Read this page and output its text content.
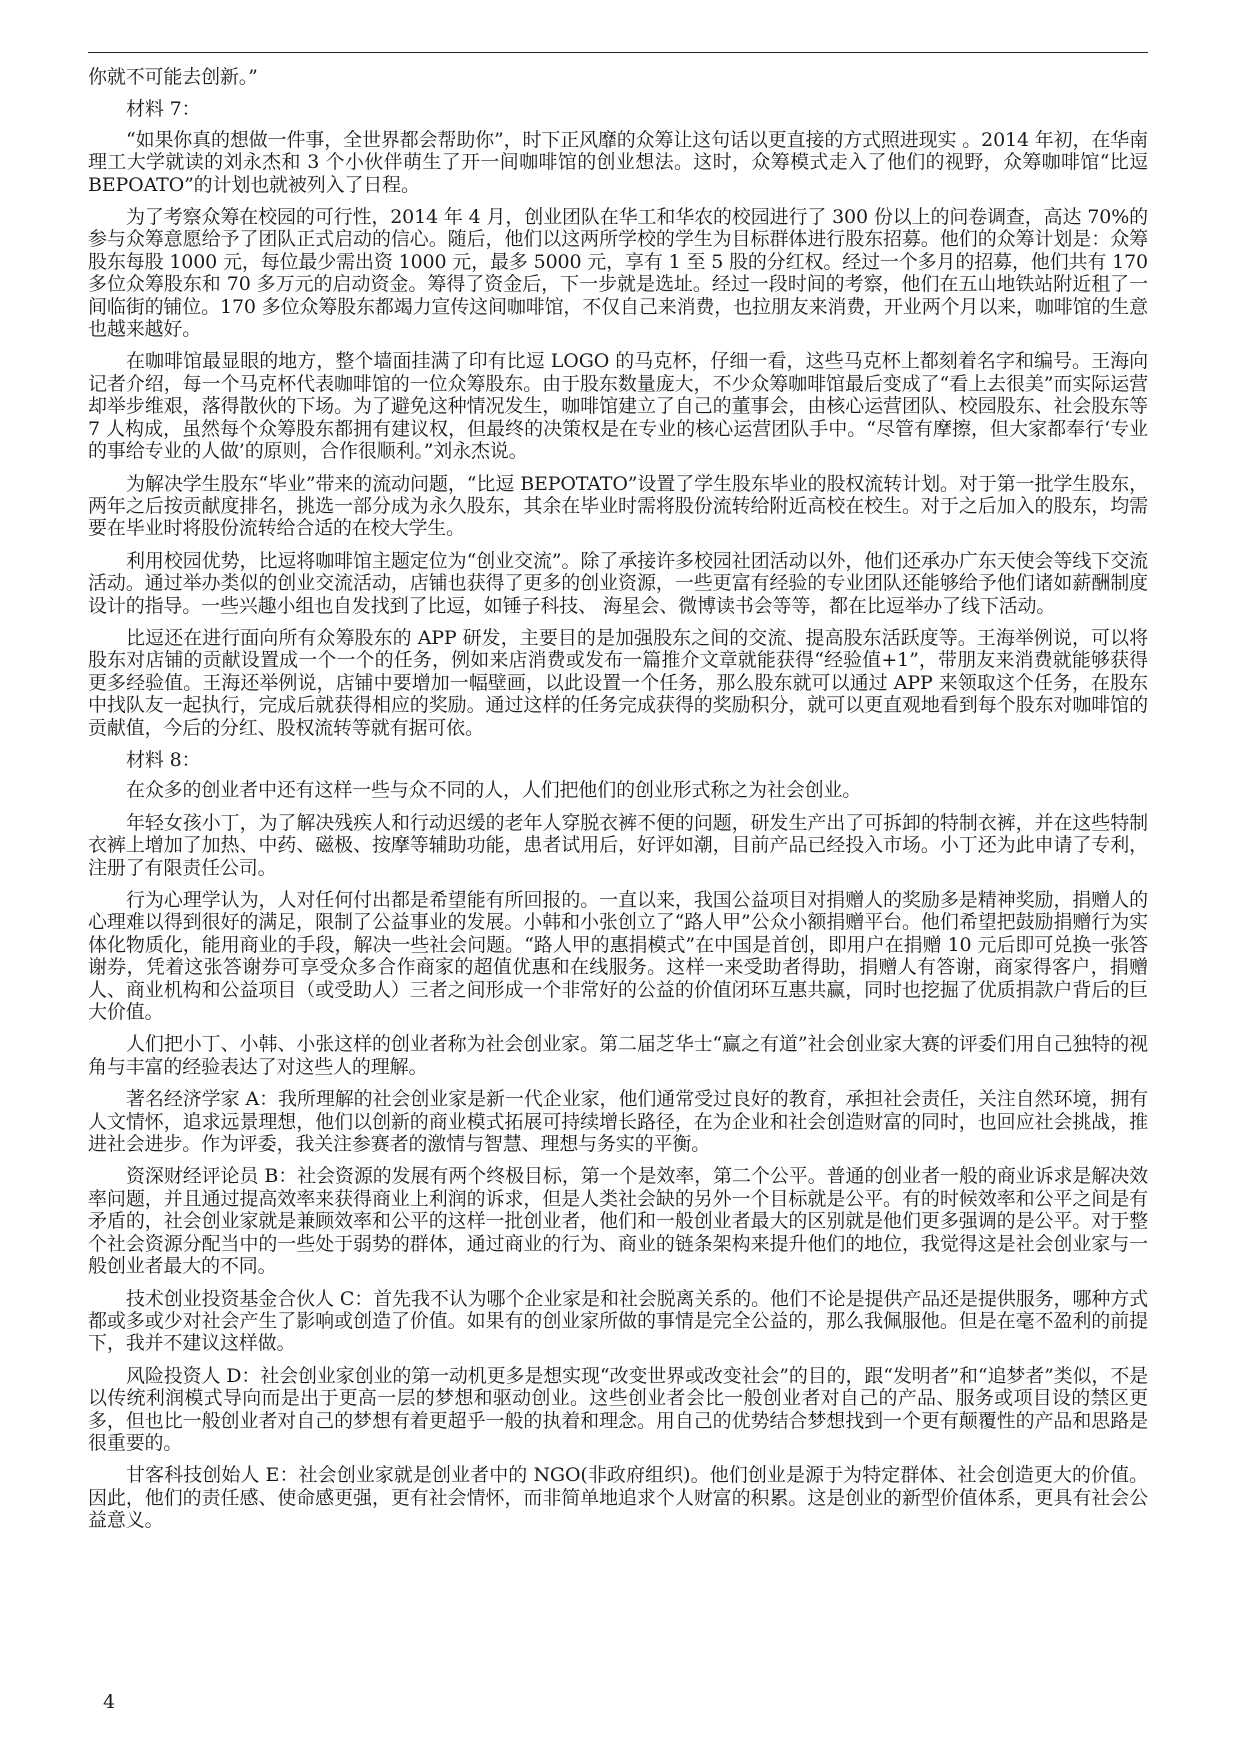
你就不可能去创新。”

材料 7：

“如果你真的想做一件事，全世界都会帮助你”，时下正风靡的众筹让这句话以更直接的方式照进现实 。2014 年初，在华南理工大学就读的刘永杰和 3 个小伙伴萌生了开一间咖啡馆的创业想法。这时，众筹模式走入了他们的视野，众筹咖啡馆“比逗 BEPOATO”的计划也就被列入了日程。

为了考察众筹在校园的可行性，2014 年 4 月，创业团队在华工和华农的校园进行了 300 份以上的问卷调查，高达 70%的参与众筹意愿给予了团队正式启动的信心。随后，他们以这两所学校的学生为目标群体进行股东招募。他们的众筹计划是：众筹股东每股 1000 元，每位最少需出资 1000 元，最多 5000 元，享有 1 至 5 股的分红权。经过一个多月的招募，他们共有 170 多位众筹股东和 70 多万元的启动资金。筹得了资金后，下一步就是选址。经过一段时间的考察，他们在五山地铁站附近租了一间临街的铺位。170 多位众筹股东都竭力宣传这间咖啡馆，不仅自己来消费，也拉朋友来消费，开业两个月以来，咖啡馆的生意也越来越好。

在咖啡馆最显眼的地方，整个墙面挂满了印有比逗 LOGO 的马克杯，仔细一看，这些马克杯上都刻着名字和编号。王海向记者介绍，每一个马克杯代表咖啡馆的一位众筹股东。由于股东数量庞大，不少众筹咖啡馆最后变成了“看上去很美”而实际运营却举步维艰，落得散伙的下场。为了避免这种情况发生，咖啡馆建立了自己的董事会，由核心运营团队、校园股东、社会股东等 7 人构成，虽然每个众筹股东都拥有建议权，但最终的决策权是在专业的核心运营团队手中。“尽管有摩擦，但大家都奉行‘专业的事给专业的人做’的原则，合作很顺利。”刘永杰说。

为解决学生股东“毕业”带来的流动问题，“比逗 BEPOTATO”设置了学生股东毕业的股权流转计划。对于第一批学生股东，两年之后按贡献度排名，挑选一部分成为永久股东，其余在毕业时需将股份流转给附近高校在校生。对于之后加入的股东，均需要在毕业时将股份流转给合适的在校大学生。

利用校园优势，比逗将咖啡馆主题定位为“创业交流”。除了承接许多校园社团活动以外，他们还承办广东天使会等线下交流活动。通过举办类似的创业交流活动，店铺也获得了更多的创业资源，一些更富有经验的专业团队还能够给予他们诸如薪酬制度设计的指导。一些兴趣小组也自发找到了比逗，如锤子科技、 海星会、微博读书会等等，都在比逗举办了线下活动。

比逗还在进行面向所有众筹股东的 APP 研发，主要目的是加强股东之间的交流、提高股东活跃度等。王海举例说，可以将股东对店铺的贡献设置成一个一个的任务，例如来店消费或发布一篇推介文章就能获得“经验值+1”，带朋友来消费就能够获得更多经验值。王海还举例说，店铺中要增加一幅壁画，以此设置一个任务，那么股东就可以通过 APP 来领取这个任务，在股东中找队友一起执行，完成后就获得相应的奖励。通过这样的任务完成获得的奖励积分，就可以更直观地看到每个股东对咖啡馆的贡献值，今后的分红、股权流转等就有据可依。

材料 8：

在众多的创业者中还有这样一些与众不同的人，人们把他们的创业形式称之为社会创业。

年轻女孩小丁，为了解决残疾人和行动迟缓的老年人穿脱衣裤不便的问题，研发生产出了可拆卸的特制衣裤，并在这些特制衣裤上增加了加热、中药、磁极、按摩等辅助功能，患者试用后，好评如潮，目前产品已经投入市场。小丁还为此申请了专利，注册了有限责任公司。

行为心理学认为，人对任何付出都是希望能有所回报的。一直以来，我国公益项目对捐赠人的奖励多是精神奖励，捐赠人的心理难以得到很好的满足，限制了公益事业的发展。小韩和小张创立了“路人甲”公众小额捐赠平台。他们希望把鼓励捐赠行为实体化物质化，能用商业的手段，解决一些社会问题。“路人甲的惠捐模式”在中国是首创，即用户在捐赠 10 元后即可兑换一张答谢券，凭着这张答谢券可享受众多合作商家的超值优惠和在线服务。这样一来受助者得助，捐赠人有答谢，商家得客户，捐赠人、商业机构和公益项目（或受助人）三者之间形成一个非常好的公益的价值闭环互惠共赢，同时也挖掘了优质捐款户背后的巨大价值。

人们把小丁、小韩、小张这样的创业者称为社会创业家。第二届芝华士“赢之有道”社会创业家大赛的评委们用自己独特的视角与丰富的经验表达了对这些人的理解。

著名经济学家 A：我所理解的社会创业家是新一代企业家，他们通常受过良好的教育，承担社会责任，关注自然环境，拥有人文情怀，追求远景理想，他们以创新的商业模式拓展可持续增长路径，在为企业和社会创造财富的同时，也回应社会挑战，推进社会进步。作为评委，我关注参赛者的激情与智慧、理想与务实的平衡。

资深财经评论员 B：社会资源的发展有两个终极目标，第一个是效率，第二个公平。普通的创业者一般的商业诉求是解决效率问题，并且通过提高效率来获得商业上利润的诉求，但是人类社会缺的另外一个目标就是公平。有的时候效率和公平之间是有矛盾的，社会创业家就是兼顾效率和公平的这样一批创业者，他们和一般创业者最大的区别就是他们更多强调的是公平。对于整个社会资源分配当中的一些处于弱势的群体，通过商业的行为、商业的链条架构来提升他们的地位，我觉得这是社会创业家与一般创业者最大的不同。

技术创业投资基金合伙人 C：首先我不认为哪个企业家是和社会脱离关系的。他们不论是提供产品还是提供服务，哪种方式都或多或少对社会产生了影响或创造了价值。如果有的创业家所做的事情是完全公益的，那么我佩服他。但是在毫不盈利的前提下，我并不建议这样做。

风险投资人 D：社会创业家创业的第一动机更多是想实现“改变世界或改变社会”的目的，跟“发明者”和“追梦者”类似，不是以传统利润模式导向而是出于更高一层的梦想和驱动创业。这些创业者会比一般创业者对自己的产品、服务或项目设的禁区更多，但也比一般创业者对自己的梦想有着更超乎一般的执着和理念。用自己的优势结合梦想找到一个更有颠覆性的产品和思路是很重要的。

甘客科技创始人 E：社会创业家就是创业者中的 NGO(非政府组织)。他们创业是源于为特定群体、社会创造更大的价值。因此，他们的责任感、使命感更强，更有社会情怀，而非简单地追求个人财富的积累。这是创业的新型价值体系，更具有社会公益意义。

4
